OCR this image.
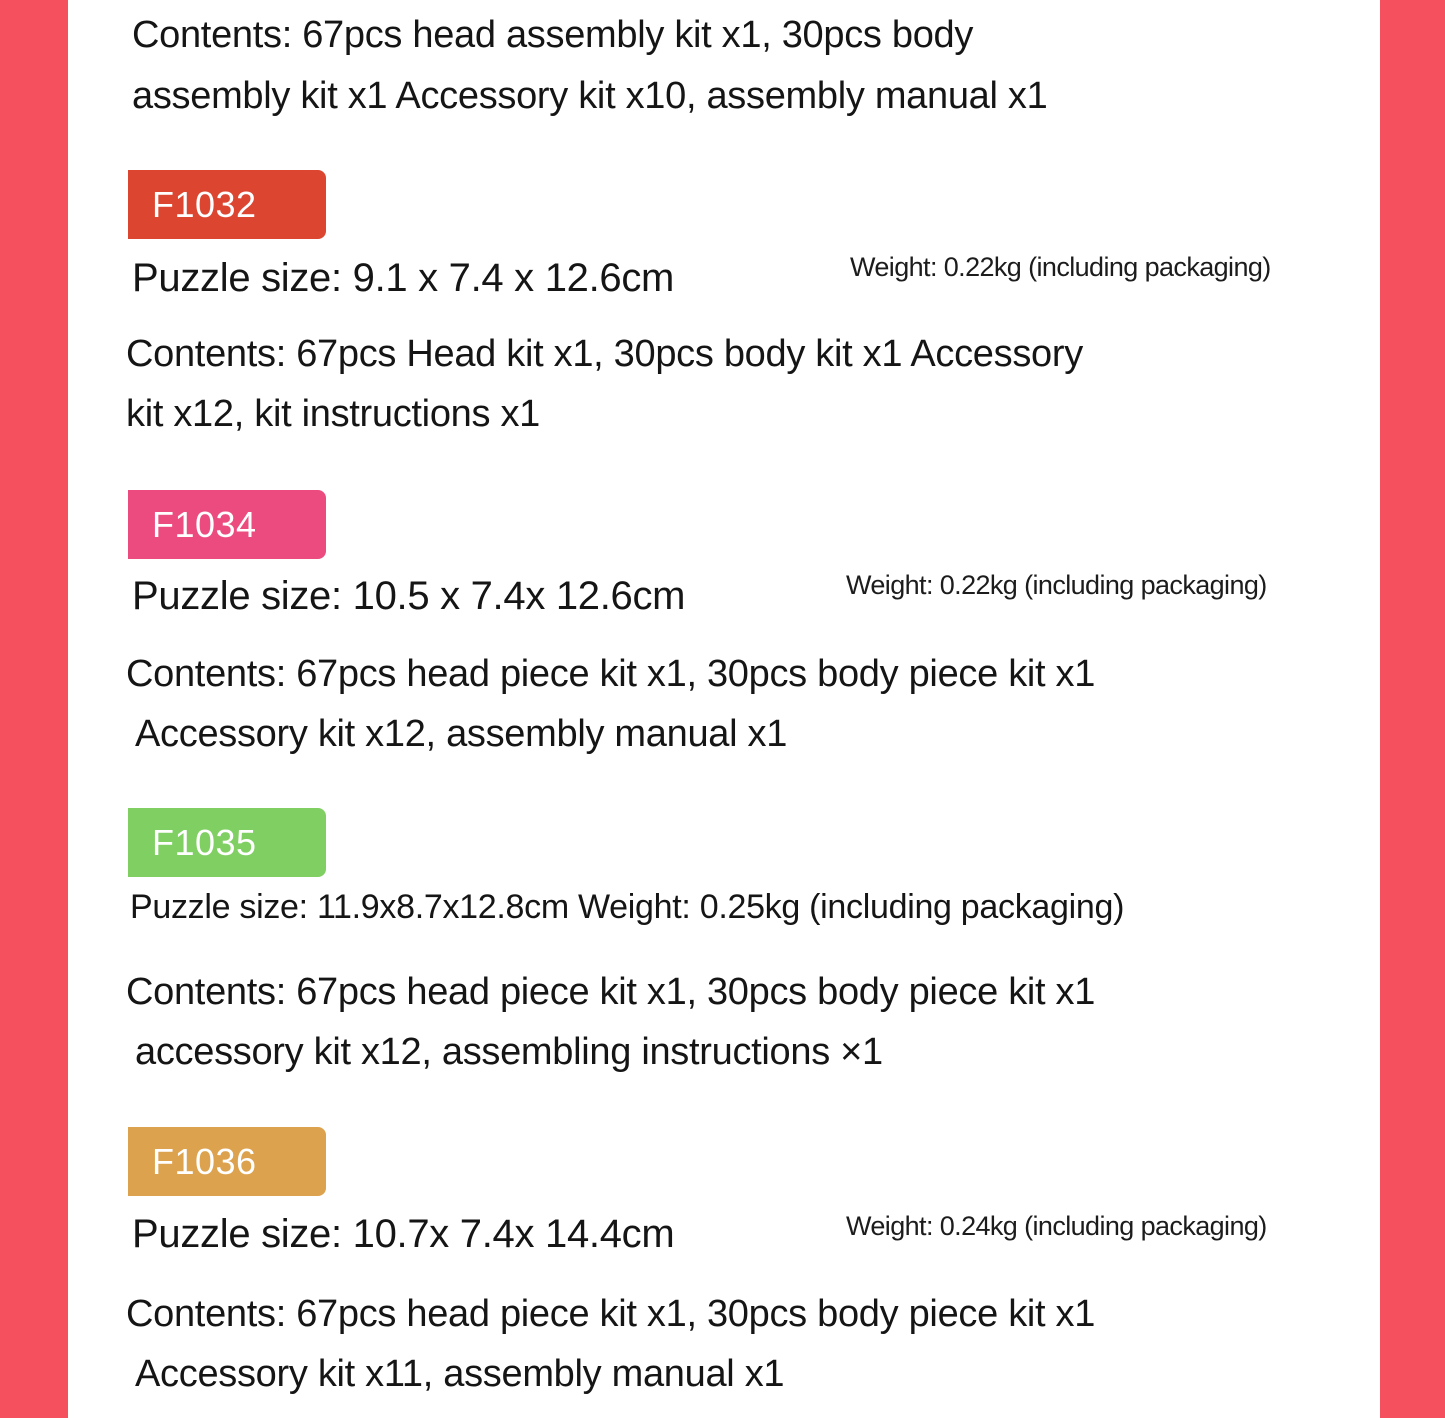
Contents: 67pcs head assembly kit x1, 30pcs body

assembly kit x1 Accessory kit x10, assembly manual x1

F1032

Puzzle size: 9.1 x 7.4 x 12.6cm	Weight: 0.22kg (including packaging)

Contents: 67pcs Head kit x1, 30pcs body kit x1 Accessory

kit x12, kit instructions x1

F1034

Puzzle size: 10.5 x 7.4x 12.6cm	Weight: 0.22kg (including packaging)

Contents: 67pcs head piece kit x1, 30pcs body piece kit x1

Accessory kit x12, assembly manual x1

F1035

Puzzle size: 11.9x8.7x12.8cm Weight: 0.25kg (including packaging)

Contents: 67pcs head piece kit x1, 30pcs body piece kit x1

accessory kit x12, assembling instructions ×1

F1036

Puzzle size: 10.7x 7.4x 14.4cm	Weight: 0.24kg (including packaging)

Contents: 67pcs head piece kit x1, 30pcs body piece kit x1

Accessory kit x11, assembly manual x1
